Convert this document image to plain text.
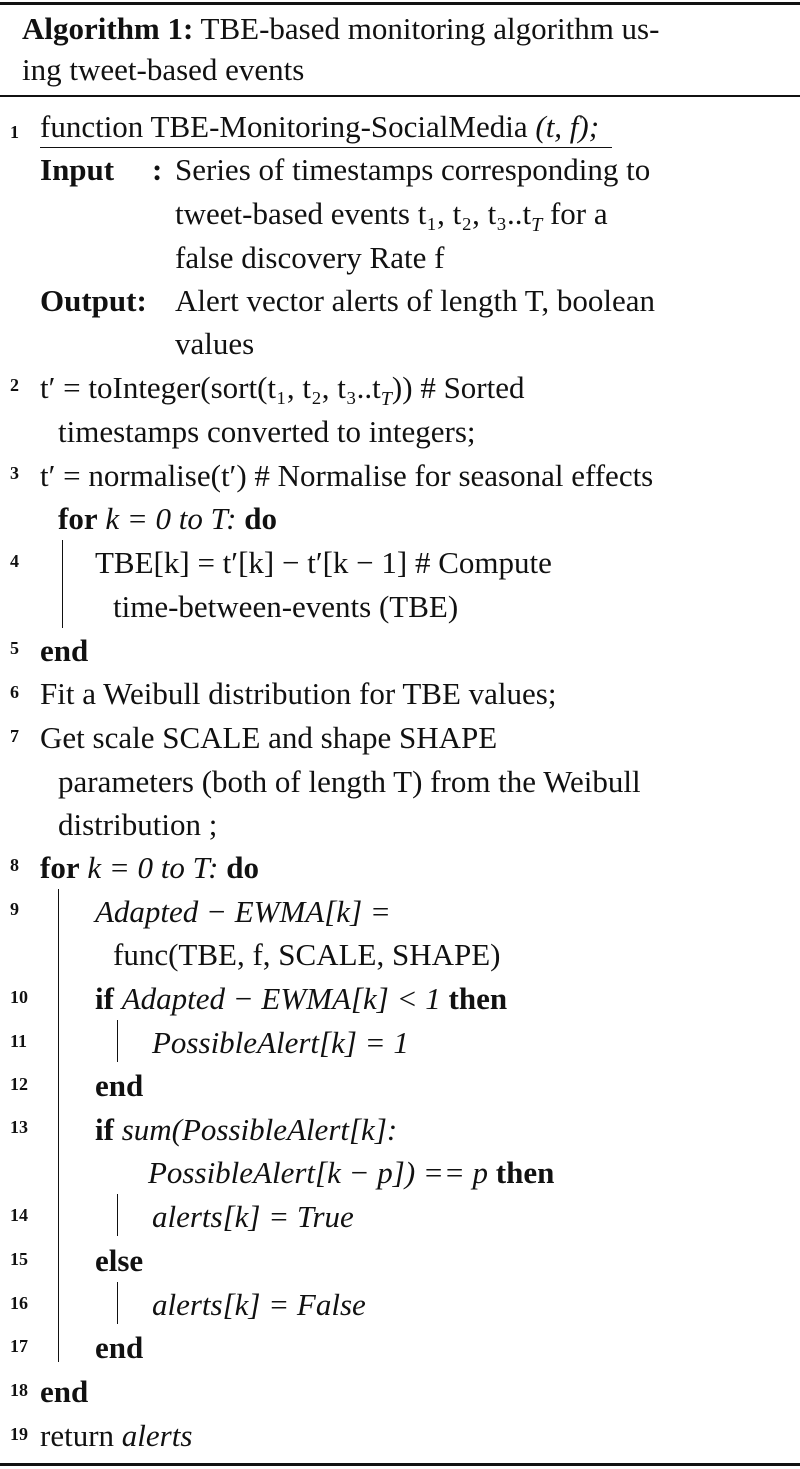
Algorithm 1: TBE-based monitoring algorithm us-
ing tweet-based events
1
2
3
4
5
6
7
8
9
10
11
12
13
14
15
16
17
18
19
function TBE-Monitoring-SocialMedia (t, f);
Input : Series of timestamps corresponding to
tweet-based events t₁, t₂, $t_3..t_T$ for a
false discovery Rate f
Output: Alert vector alerts of length T, boolean
values
t′ = toInteger(sort(t₁, t₂, $t_3..t_T$)) # Sorted
timestamps converted to integers;
t′ = normalise(t′) # Normalise for seasonal effects
for k = 0 to T: do
TBE[k] = t′[k] − t′[k − 1] # Compute
time-between-events (TBE)
end
Fit a Weibull distribution for TBE values;
Get scale SCALE and shape SHAPE
parameters (both of length T) from the Weibull
distribution ;
for k = 0 to T: do
Adapted − EWMA[k] =
func(TBE, f, SCALE, SHAPE)
if Adapted − EWMA[k] < 1 then
PossibleAlert[k] = 1
end
if sum(PossibleAlert[k]:
PossibleAlert[k − p]) == p then
alerts[k] = True
else
alerts[k] = False
end
end
return alerts
